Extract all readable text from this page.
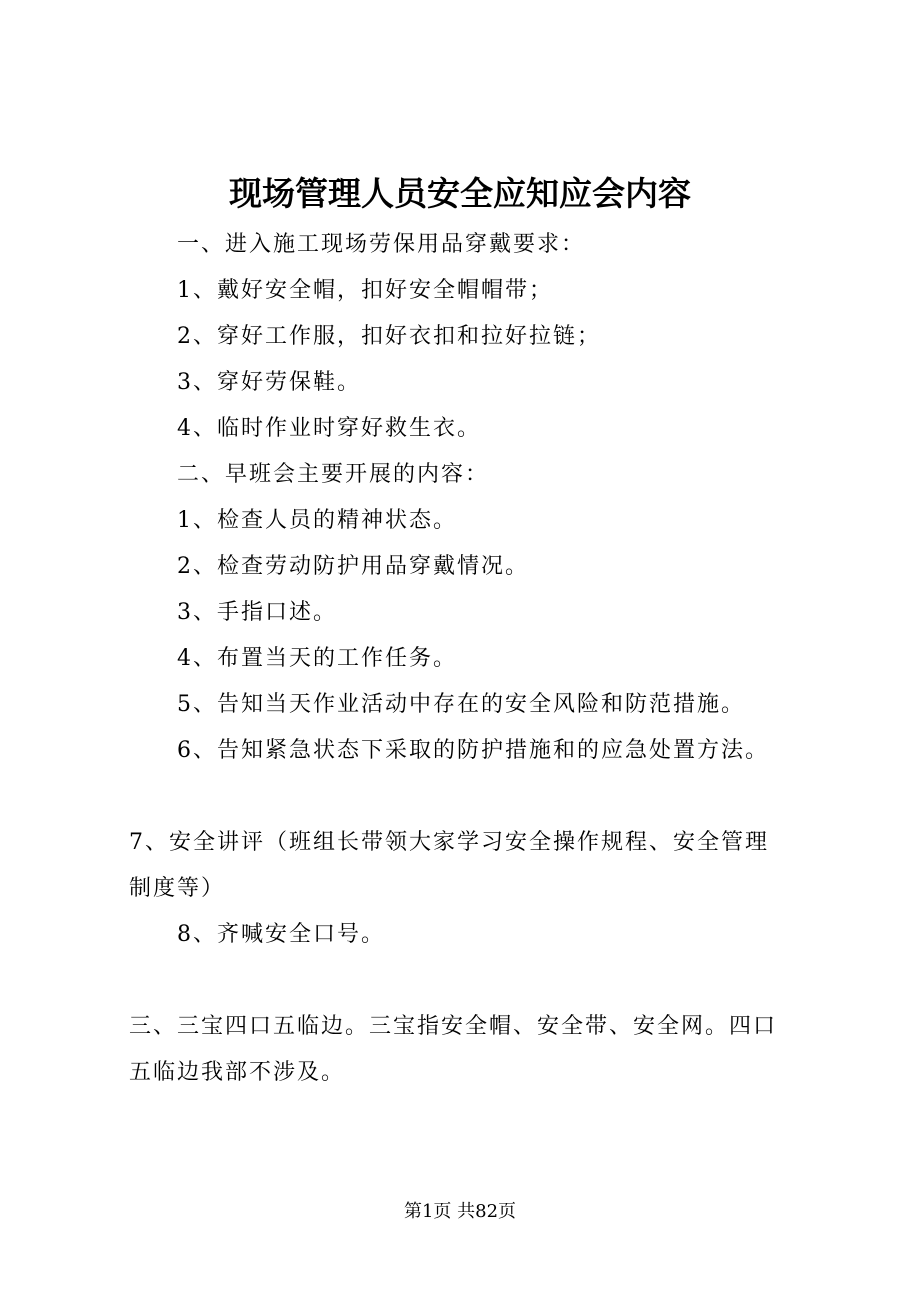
现场管理人员安全应知应会内容

一、进入施工现场劳保用品穿戴要求：

1、戴好安全帽，扣好安全帽帽带；

2、穿好工作服，扣好衣扣和拉好拉链；

3、穿好劳保鞋。

4、临时作业时穿好救生衣。

二、早班会主要开展的内容：

1、检查人员的精神状态。

2、检查劳动防护用品穿戴情况。

3、手指口述。

4、布置当天的工作任务。

5、告知当天作业活动中存在的安全风险和防范措施。

6、告知紧急状态下采取的防护措施和的应急处置方法。

7、安全讲评（班组长带领大家学习安全操作规程、安全管理

制度等）

8、齐喊安全口号。

三、三宝四口五临边。三宝指安全帽、安全带、安全网。四口

五临边我部不涉及。

第1页 共82页
